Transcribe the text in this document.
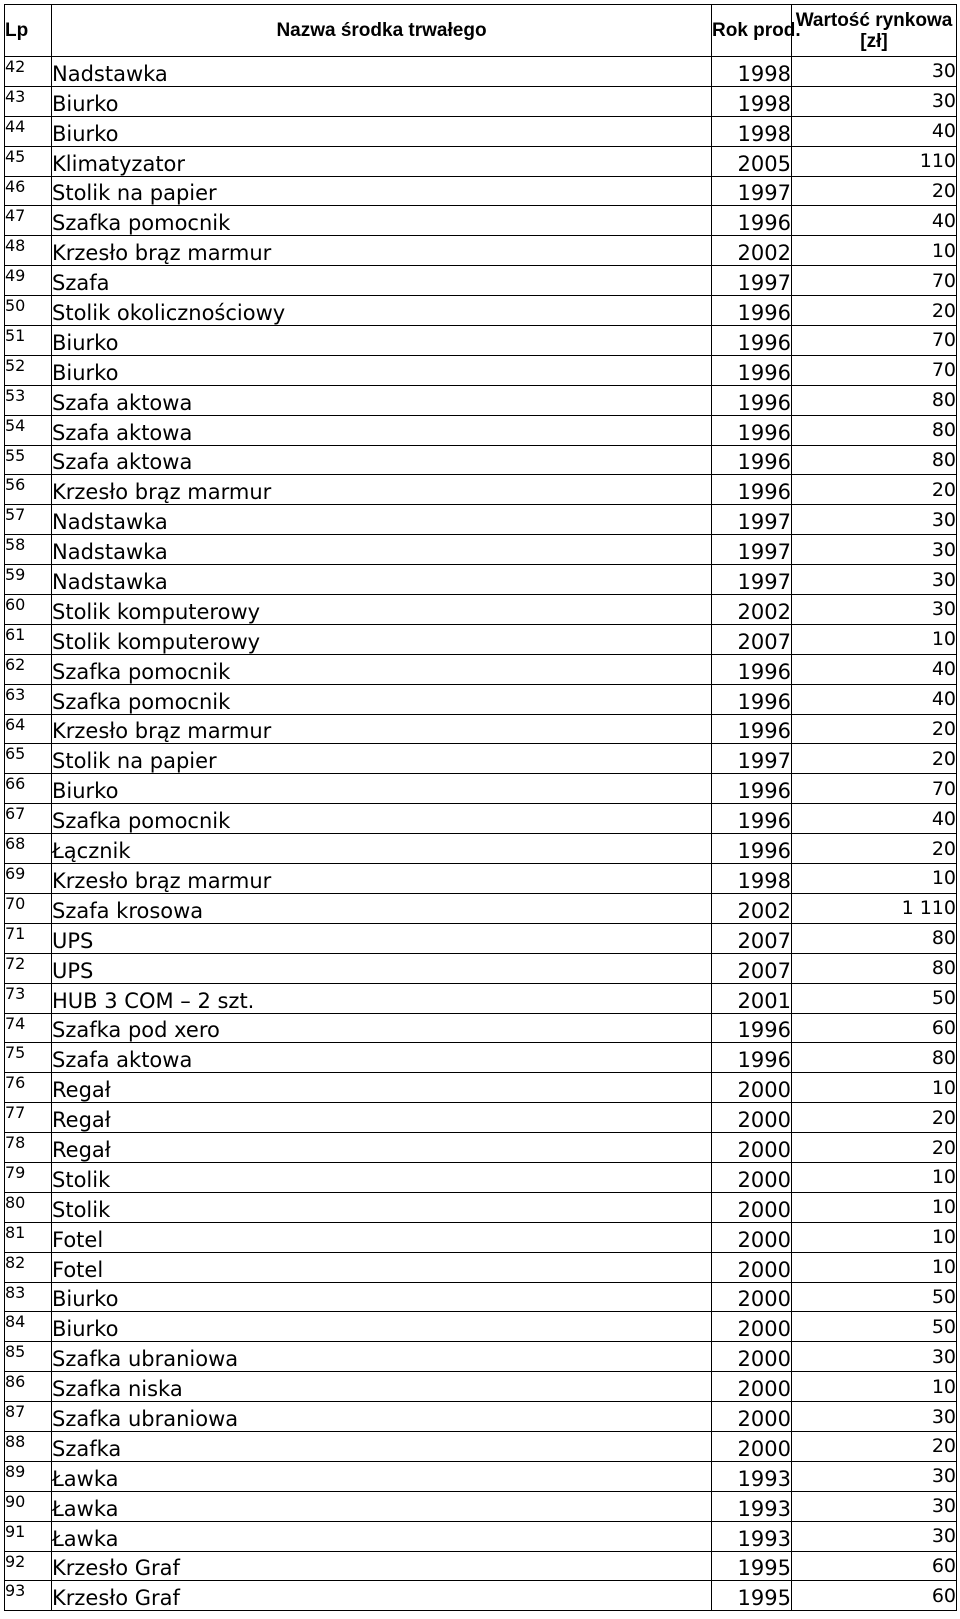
Lp	Nazwa środka trwałego	Rok prod.	Wartość rynkowa
[zł]

42	Nadstawka	1998	30
43	Biurko	1998	30
44	Biurko	1998	40
45	Klimatyzator	2005	110
46	Stolik na papier	1997	20
47	Szafka pomocnik	1996	40
48	Krzesło brąz marmur	2002	10
49	Szafa	1997	70
50	Stolik okolicznościowy	1996	20
51	Biurko	1996	70
52	Biurko	1996	70
53	Szafa aktowa	1996	80
54	Szafa aktowa	1996	80
55	Szafa aktowa	1996	80
56	Krzesło brąz marmur	1996	20
57	Nadstawka	1997	30
58	Nadstawka	1997	30
59	Nadstawka	1997	30
60	Stolik komputerowy	2002	30
61	Stolik komputerowy	2007	10
62	Szafka pomocnik	1996	40
63	Szafka pomocnik	1996	40
64	Krzesło brąz marmur	1996	20
65	Stolik na papier	1997	20
66	Biurko	1996	70
67	Szafka pomocnik	1996	40
68	Łącznik	1996	20
69	Krzesło brąz marmur	1998	10
70	Szafa krosowa	2002	1 110
71	UPS	2007	80
72	UPS	2007	80
73	HUB 3 COM – 2 szt.	2001	50
74	Szafka pod xero	1996	60
75	Szafa aktowa	1996	80
76	Regał	2000	10
77	Regał	2000	20
78	Regał	2000	20
79	Stolik	2000	10
80	Stolik	2000	10
81	Fotel	2000	10
82	Fotel	2000	10
83	Biurko	2000	50
84	Biurko	2000	50
85	Szafka ubraniowa	2000	30
86	Szafka niska	2000	10
87	Szafka ubraniowa	2000	30
88	Szafka	2000	20
89	Ławka	1993	30
90	Ławka	1993	30
91	Ławka	1993	30
92	Krzesło Graf	1995	60
93	Krzesło Graf	1995	60
